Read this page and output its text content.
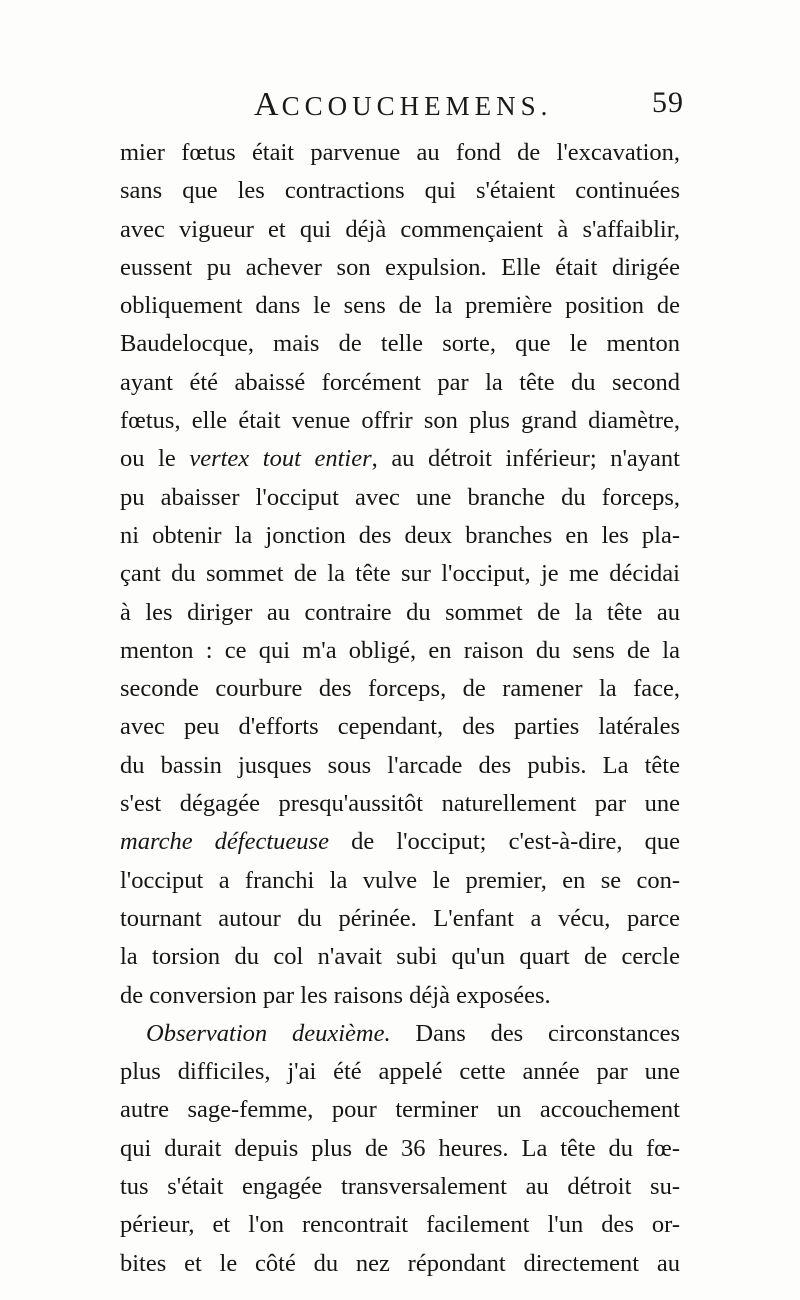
ACCOUCHEMENS.	59
mier fœtus était parvenue au fond de l'excavation,
sans que les contractions qui s'étaient continuées
avec vigueur et qui déjà commençaient à s'affaiblir,
eussent pu achever son expulsion. Elle était dirigée
obliquement dans le sens de la première position de
Baudelocque, mais de telle sorte, que le menton
ayant été abaissé forcément par la tête du second
fœtus, elle était venue offrir son plus grand diamètre,
ou le vertex tout entier, au détroit inférieur; n'ayant
pu abaisser l'occiput avec une branche du forceps,
ni obtenir la jonction des deux branches en les pla-
çant du sommet de la tête sur l'occiput, je me décidai
à les diriger au contraire du sommet de la tête au
menton : ce qui m'a obligé, en raison du sens de la
seconde courbure des forceps, de ramener la face,
avec peu d'efforts cependant, des parties latérales
du bassin jusques sous l'arcade des pubis. La tête
s'est dégagée presqu'aussitôt naturellement par une
marche défectueuse de l'occiput; c'est-à-dire, que
l'occiput a franchi la vulve le premier, en se con-
tournant autour du périnée. L'enfant a vécu, parce
la torsion du col n'avait subi qu'un quart de cercle
de conversion par les raisons déjà exposées.
Observation deuxième. Dans des circonstances
plus difficiles, j'ai été appelé cette année par une
autre sage-femme, pour terminer un accouchement
qui durait depuis plus de 36 heures. La tête du fœ-
tus s'était engagée transversalement au détroit su-
périeur, et l'on rencontrait facilement l'un des or-
bites et le côté du nez répondant directement au
